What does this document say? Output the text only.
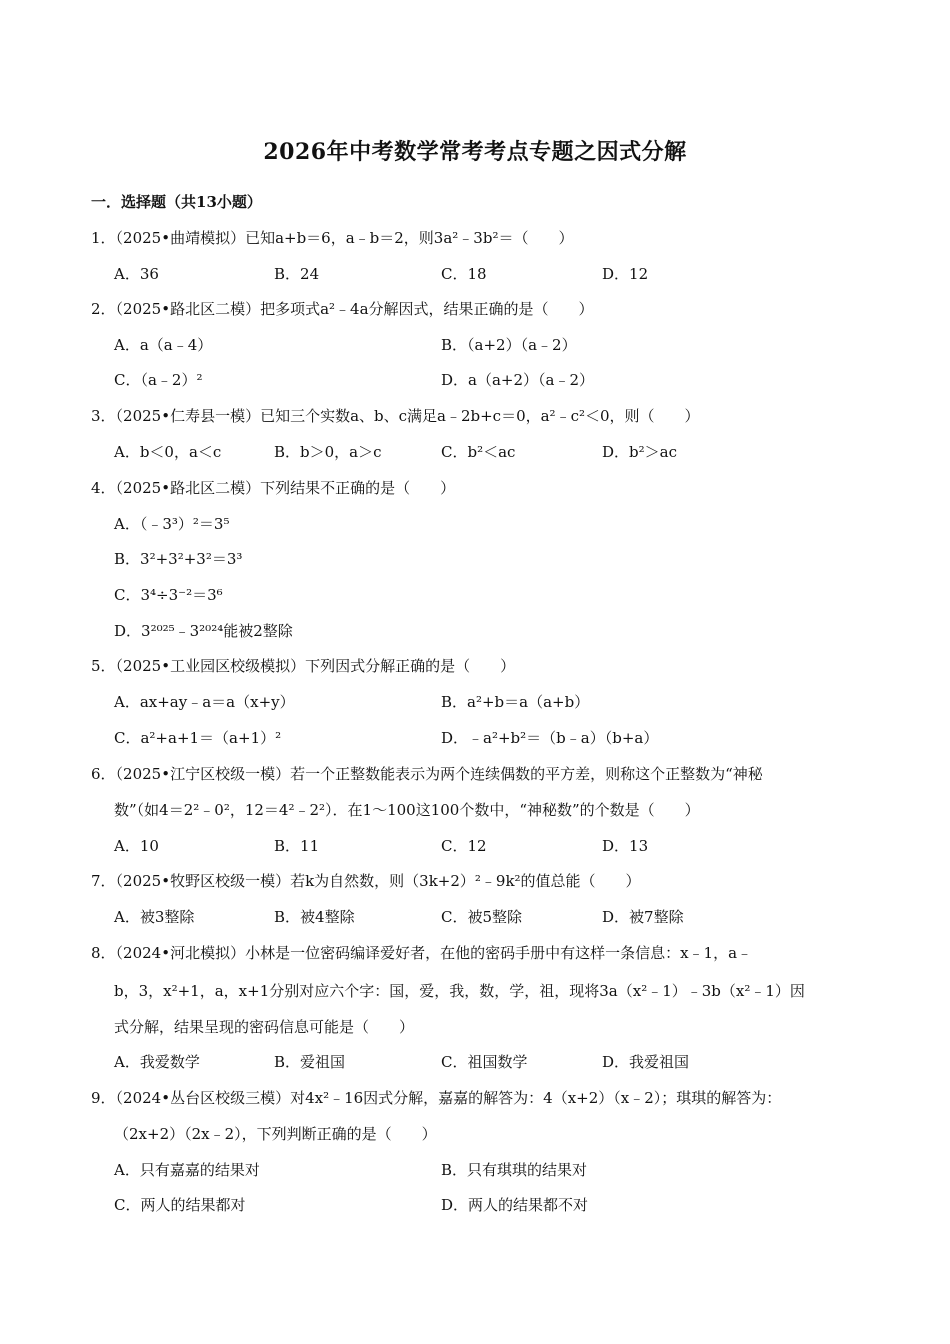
2026年中考数学常考考点专题之因式分解
一．选择题（共13小题）
1．（2025•曲靖模拟）已知a+b＝6，a﹣b＝2，则3a²﹣3b²＝（　　）
A．36	B．24	C．18	D．12
2．（2025•路北区二模）把多项式a²﹣4a分解因式，结果正确的是（　　）
A．a（a﹣4）	B．（a+2）（a﹣2）
C．（a﹣2）²	D．a（a+2）（a﹣2）
3．（2025•仁寿县一模）已知三个实数a、b、c满足a﹣2b+c＝0，a²﹣c²＜0，则（　　）
A．b＜0，a＜c	B．b＞0，a＞c	C．b²＜ac	D．b²＞ac
4．（2025•路北区二模）下列结果不正确的是（　　）
A．（﹣3³）²＝3⁵
B．3²+3²+3²＝3³
C．3⁴÷3⁻²＝3⁶
D．3²⁰²⁵﹣3²⁰²⁴能被2整除
5．（2025•工业园区校级模拟）下列因式分解正确的是（　　）
A．ax+ay﹣a＝a（x+y）	B．a²+b＝a（a+b）
C．a²+a+1＝（a+1）²	D．﹣a²+b²＝（b﹣a）（b+a）
6．（2025•江宁区校级一模）若一个正整数能表示为两个连续偶数的平方差，则称这个正整数为“神秘
数”（如4＝2²﹣0²，12＝4²﹣2²）．在1～100这100个数中，“神秘数”的个数是（　　）
A．10	B．11	C．12	D．13
7．（2025•牧野区校级一模）若k为自然数，则（3k+2）²﹣9k²的值总能（　　）
A．被3整除	B．被4整除	C．被5整除	D．被7整除
8．（2024•河北模拟）小林是一位密码编译爱好者，在他的密码手册中有这样一条信息：x﹣1，a﹣
b，3，x²+1，a，x+1分别对应六个字：国，爱，我，数，学，祖，现将3a（x²﹣1）﹣3b（x²﹣1）因
式分解，结果呈现的密码信息可能是（　　）
A．我爱数学	B．爱祖国	C．祖国数学	D．我爱祖国
9．（2024•丛台区校级三模）对4x²﹣16因式分解，嘉嘉的解答为：4（x+2）（x﹣2）；琪琪的解答为：
（2x+2）（2x﹣2），下列判断正确的是（　　）
A．只有嘉嘉的结果对	B．只有琪琪的结果对
C．两人的结果都对	D．两人的结果都不对
